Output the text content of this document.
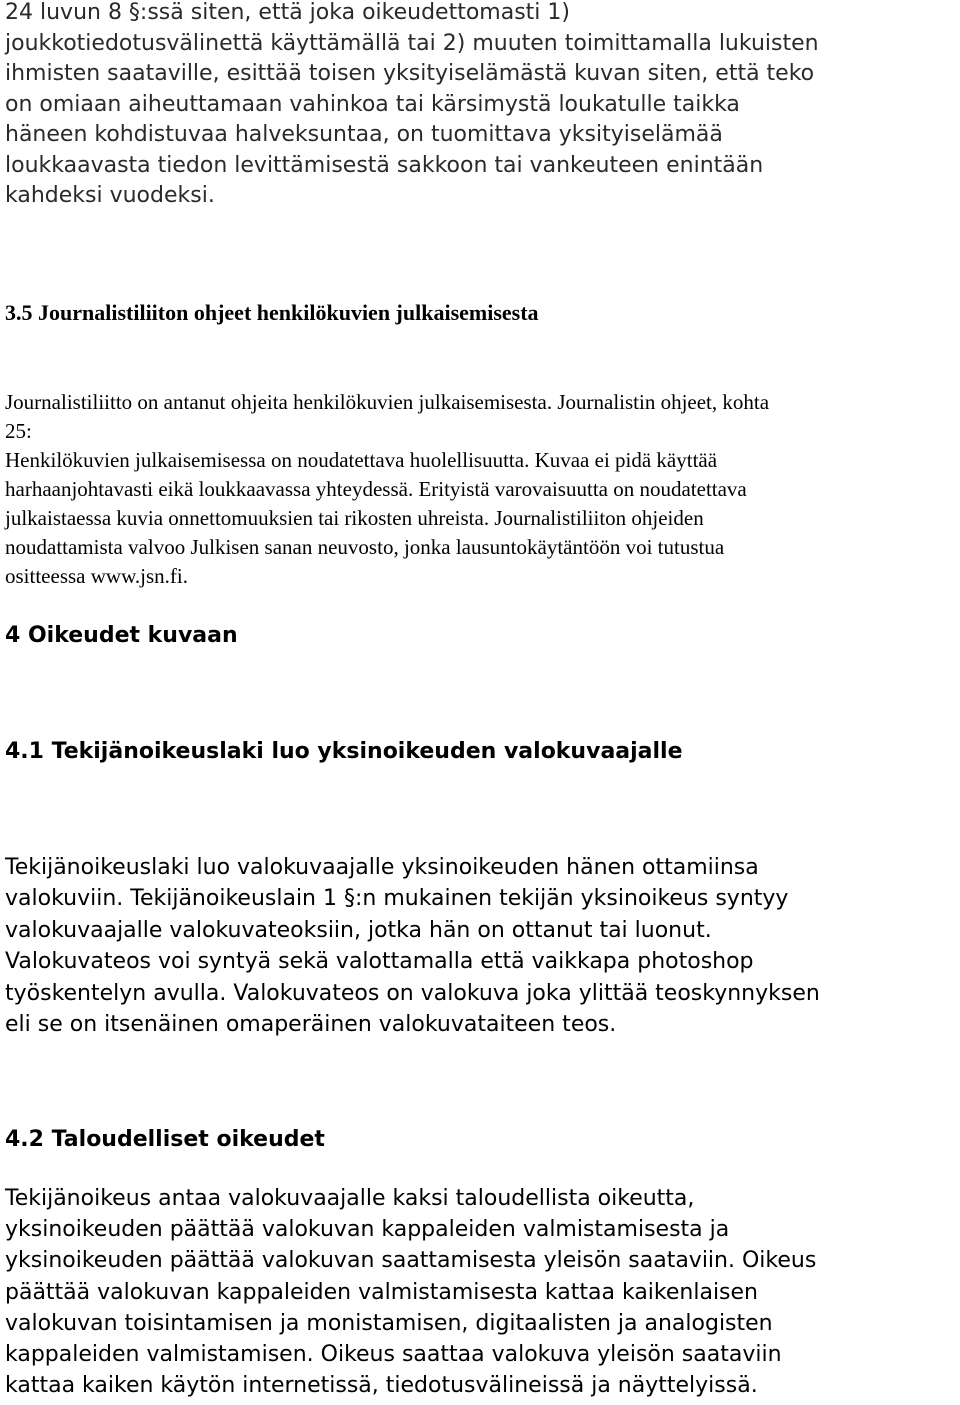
24 luvun 8 §:ssä siten, että joka oikeudettomasti 1)

joukkotiedotusvälinettä käyttämällä tai 2) muuten toimittamalla lukuisten

ihmisten saataville, esittää toisen yksityiselämästä kuvan siten, että teko

on omiaan aiheuttamaan vahinkoa tai kärsimystä loukatulle taikka

häneen kohdistuvaa halveksuntaa, on tuomittava yksityiselämää

loukkaavasta tiedon levittämisestä sakkoon tai vankeuteen enintään

kahdeksi vuodeksi.

3.5 Journalistiliiton ohjeet henkilökuvien julkaisemisesta

Journalistiliitto on antanut ohjeita henkilökuvien julkaisemisesta. Journalistin ohjeet, kohta

25:

Henkilökuvien julkaisemisessa on noudatettava huolellisuutta. Kuvaa ei pidä käyttää

harhaanjohtavasti eikä loukkaavassa yhteydessä. Erityistä varovaisuutta on noudatettava

julkaistaessa kuvia onnettomuuksien tai rikosten uhreista. Journalistiliiton ohjeiden

noudattamista valvoo Julkisen sanan neuvosto, jonka lausuntokäytäntöön voi tutustua

ositteessa www.jsn.fi.

4 Oikeudet kuvaan
4.1 Tekijänoikeuslaki luo yksinoikeuden valokuvaajalle

Tekijänoikeuslaki luo valokuvaajalle yksinoikeuden hänen ottamiinsa

valokuviin. Tekijänoikeuslain 1 §:n mukainen tekijän yksinoikeus syntyy

valokuvaajalle valokuvateoksiin, jotka hän on ottanut tai luonut.

Valokuvateos voi syntyä sekä valottamalla että vaikkapa photoshop

työskentelyn avulla. Valokuvateos on valokuva joka ylittää teoskynnyksen

eli se on itsenäinen omaperäinen valokuvataiteen teos.

4.2 Taloudelliset oikeudet

Tekijänoikeus antaa valokuvaajalle kaksi taloudellista oikeutta,

yksinoikeuden päättää valokuvan kappaleiden valmistamisesta ja

yksinoikeuden päättää valokuvan saattamisesta yleisön saataviin. Oikeus

päättää valokuvan kappaleiden valmistamisesta kattaa kaikenlaisen

valokuvan toisintamisen ja monistamisen, digitaalisten ja analogisten

kappaleiden valmistamisen. Oikeus saattaa valokuva yleisön saataviin

kattaa kaiken käytön internetissä, tiedotusvälineissä ja näyttelyissä.
